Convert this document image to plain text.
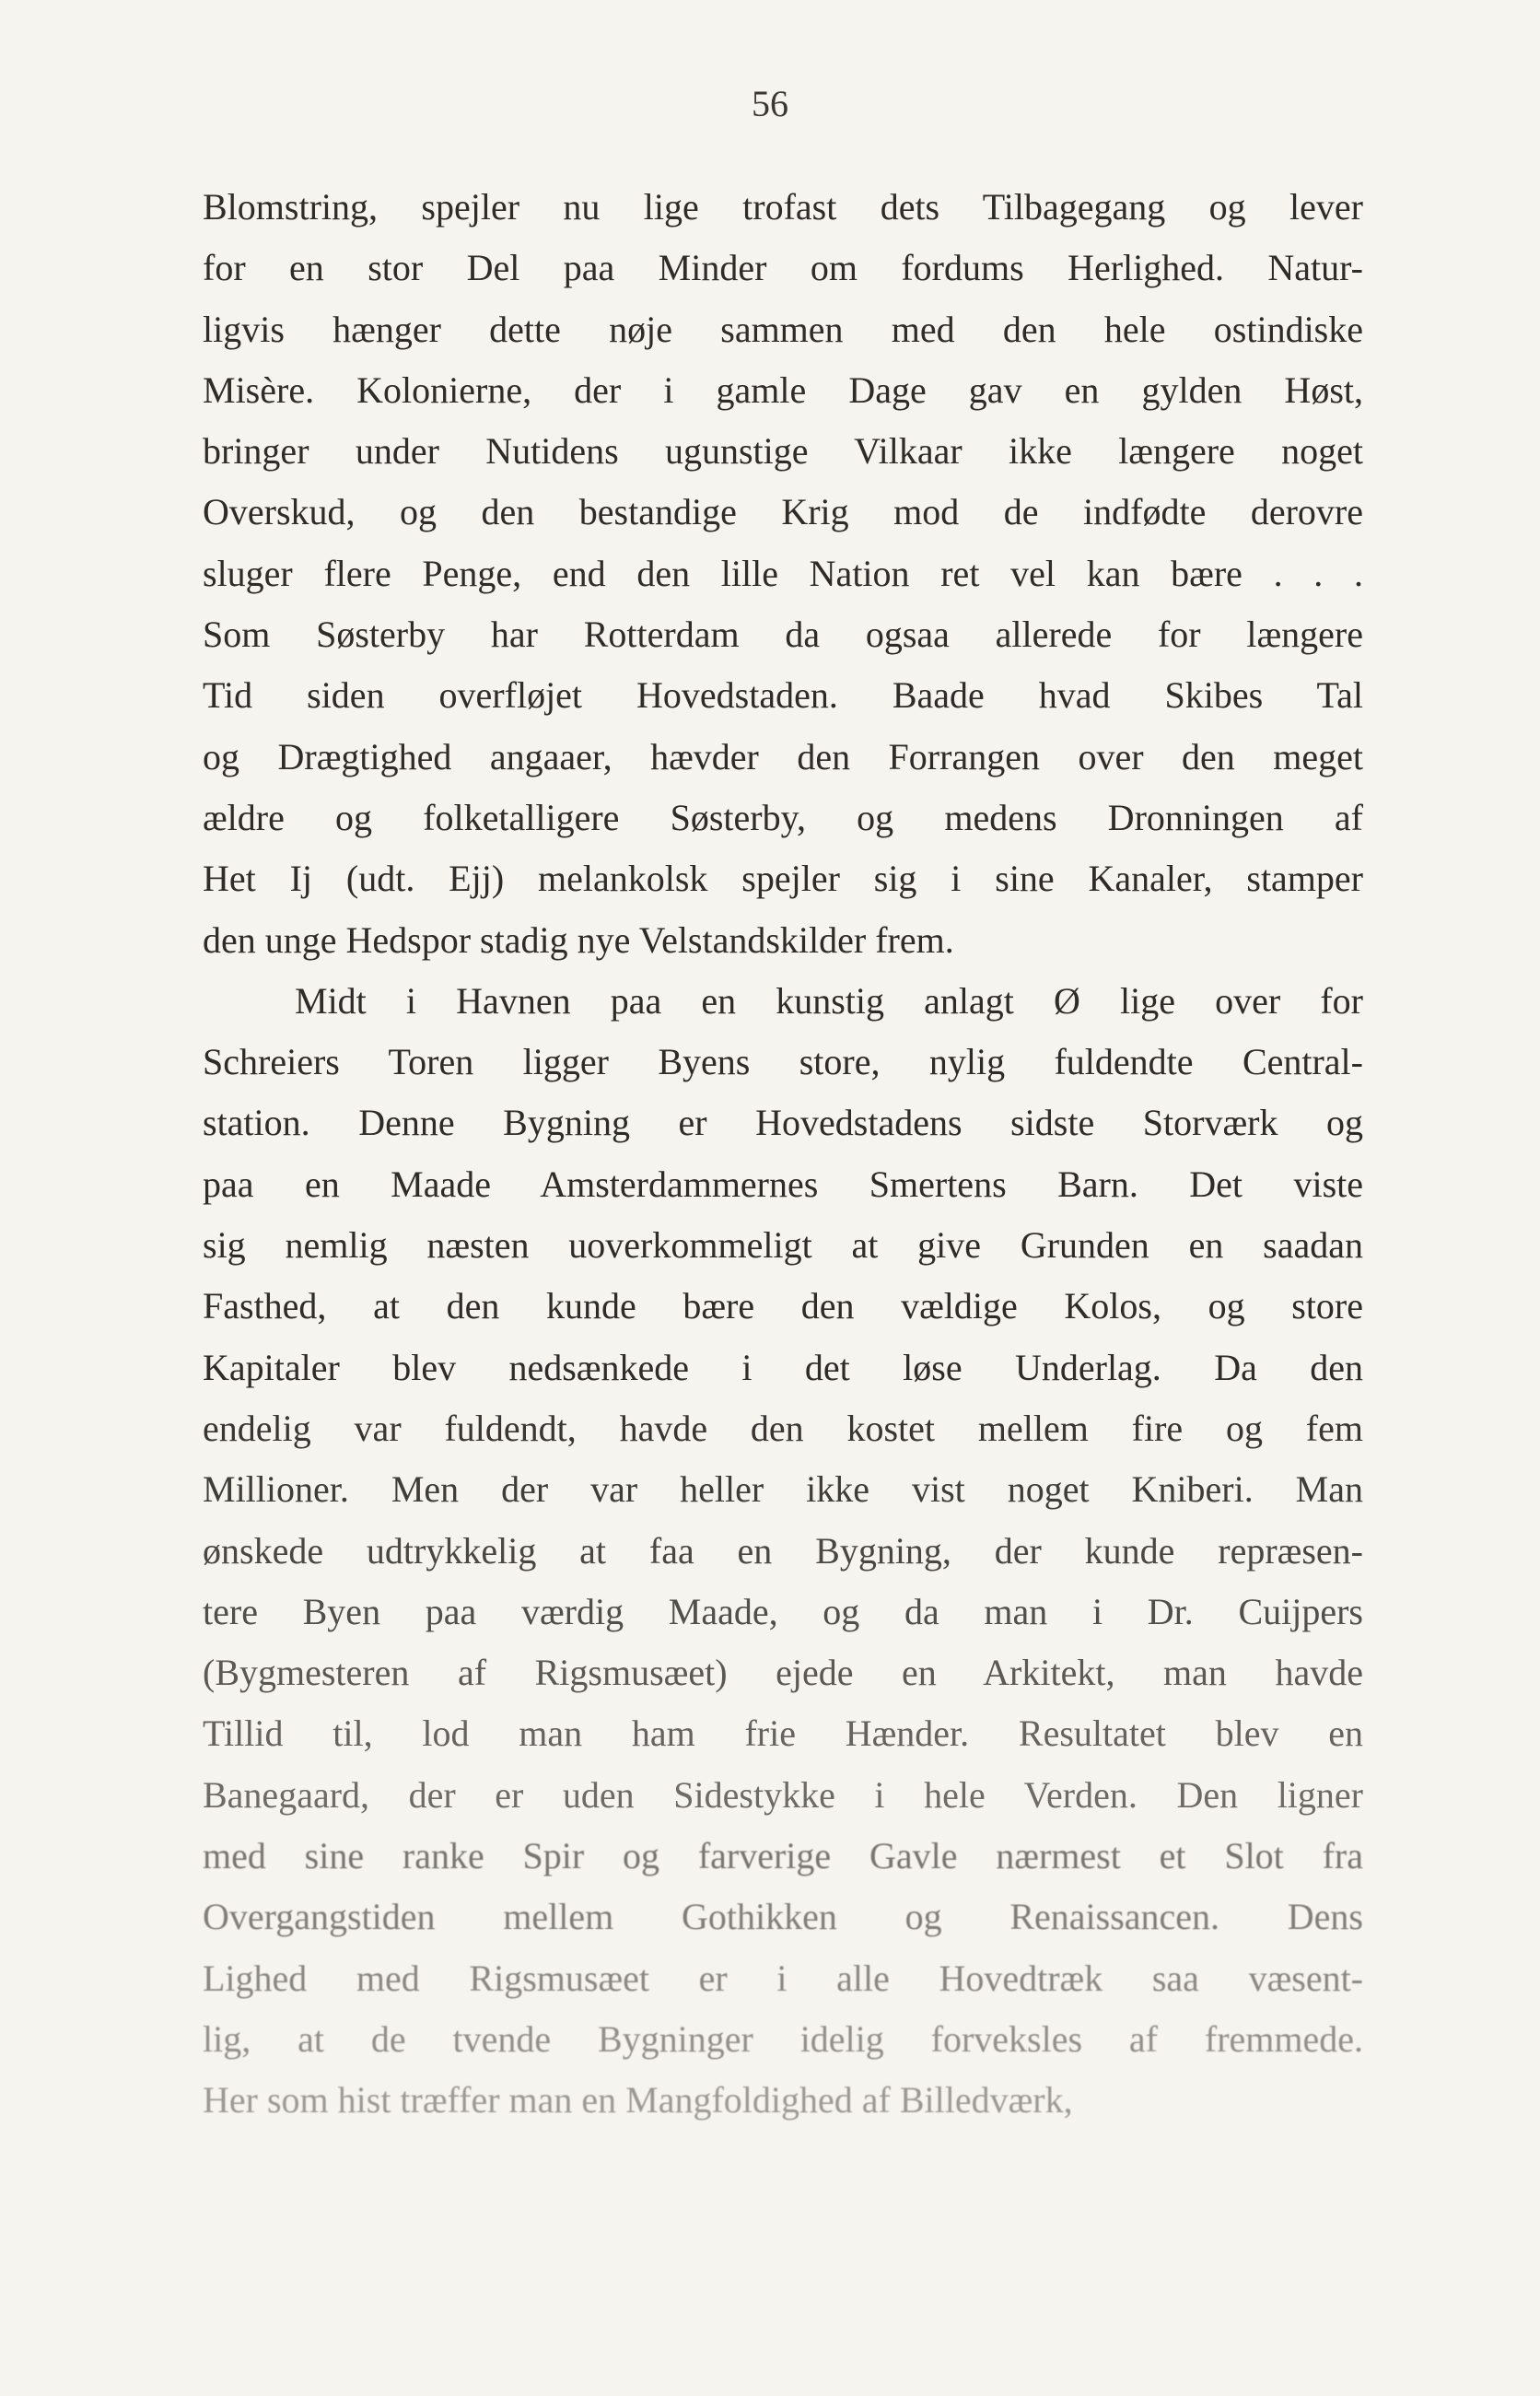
56
Blomstring, spejler nu lige trofast dets Tilbagegang og lever
for en stor Del paa Minder om fordums Herlighed. Natur-
ligvis hænger dette nøje sammen med den hele ostindiske
Misère. Kolonierne, der i gamle Dage gav en gylden Høst,
bringer under Nutidens ugunstige Vilkaar ikke længere noget
Overskud, og den bestandige Krig mod de indfødte derovre
sluger flere Penge, end den lille Nation ret vel kan bære . . .
Som Søsterby har Rotterdam da ogsaa allerede for længere
Tid siden overfløjet Hovedstaden. Baade hvad Skibes Tal
og Drægtighed angaaer, hævder den Forrangen over den meget
ældre og folketalligere Søsterby, og medens Dronningen af
Het Ij (udt. Ejj) melankolsk spejler sig i sine Kanaler, stamper
den unge Hedspor stadig nye Velstandskilder frem.
Midt i Havnen paa en kunstig anlagt Ø lige over for
Schreiers Toren ligger Byens store, nylig fuldendte Central-
station. Denne Bygning er Hovedstadens sidste Storværk og
paa en Maade Amsterdammernes Smertens Barn. Det viste
sig nemlig næsten uoverkommeligt at give Grunden en saadan
Fasthed, at den kunde bære den vældige Kolos, og store
Kapitaler blev nedsænkede i det løse Underlag. Da den
endelig var fuldendt, havde den kostet mellem fire og fem
Millioner. Men der var heller ikke vist noget Kniberi. Man
ønskede udtrykkelig at faa en Bygning, der kunde repræsen-
tere Byen paa værdig Maade, og da man i Dr. Cuijpers
(Bygmesteren af Rigsmusæet) ejede en Arkitekt, man havde
Tillid til, lod man ham frie Hænder. Resultatet blev en
Banegaard, der er uden Sidestykke i hele Verden. Den ligner
med sine ranke Spir og farverige Gavle nærmest et Slot fra
Overgangstiden mellem Gothikken og Renaissancen. Dens
Lighed med Rigsmusæet er i alle Hovedtræk saa væsent-
lig, at de tvende Bygninger idelig forveksles af fremmede.
Her som hist træffer man en Mangfoldighed af Billedværk,
